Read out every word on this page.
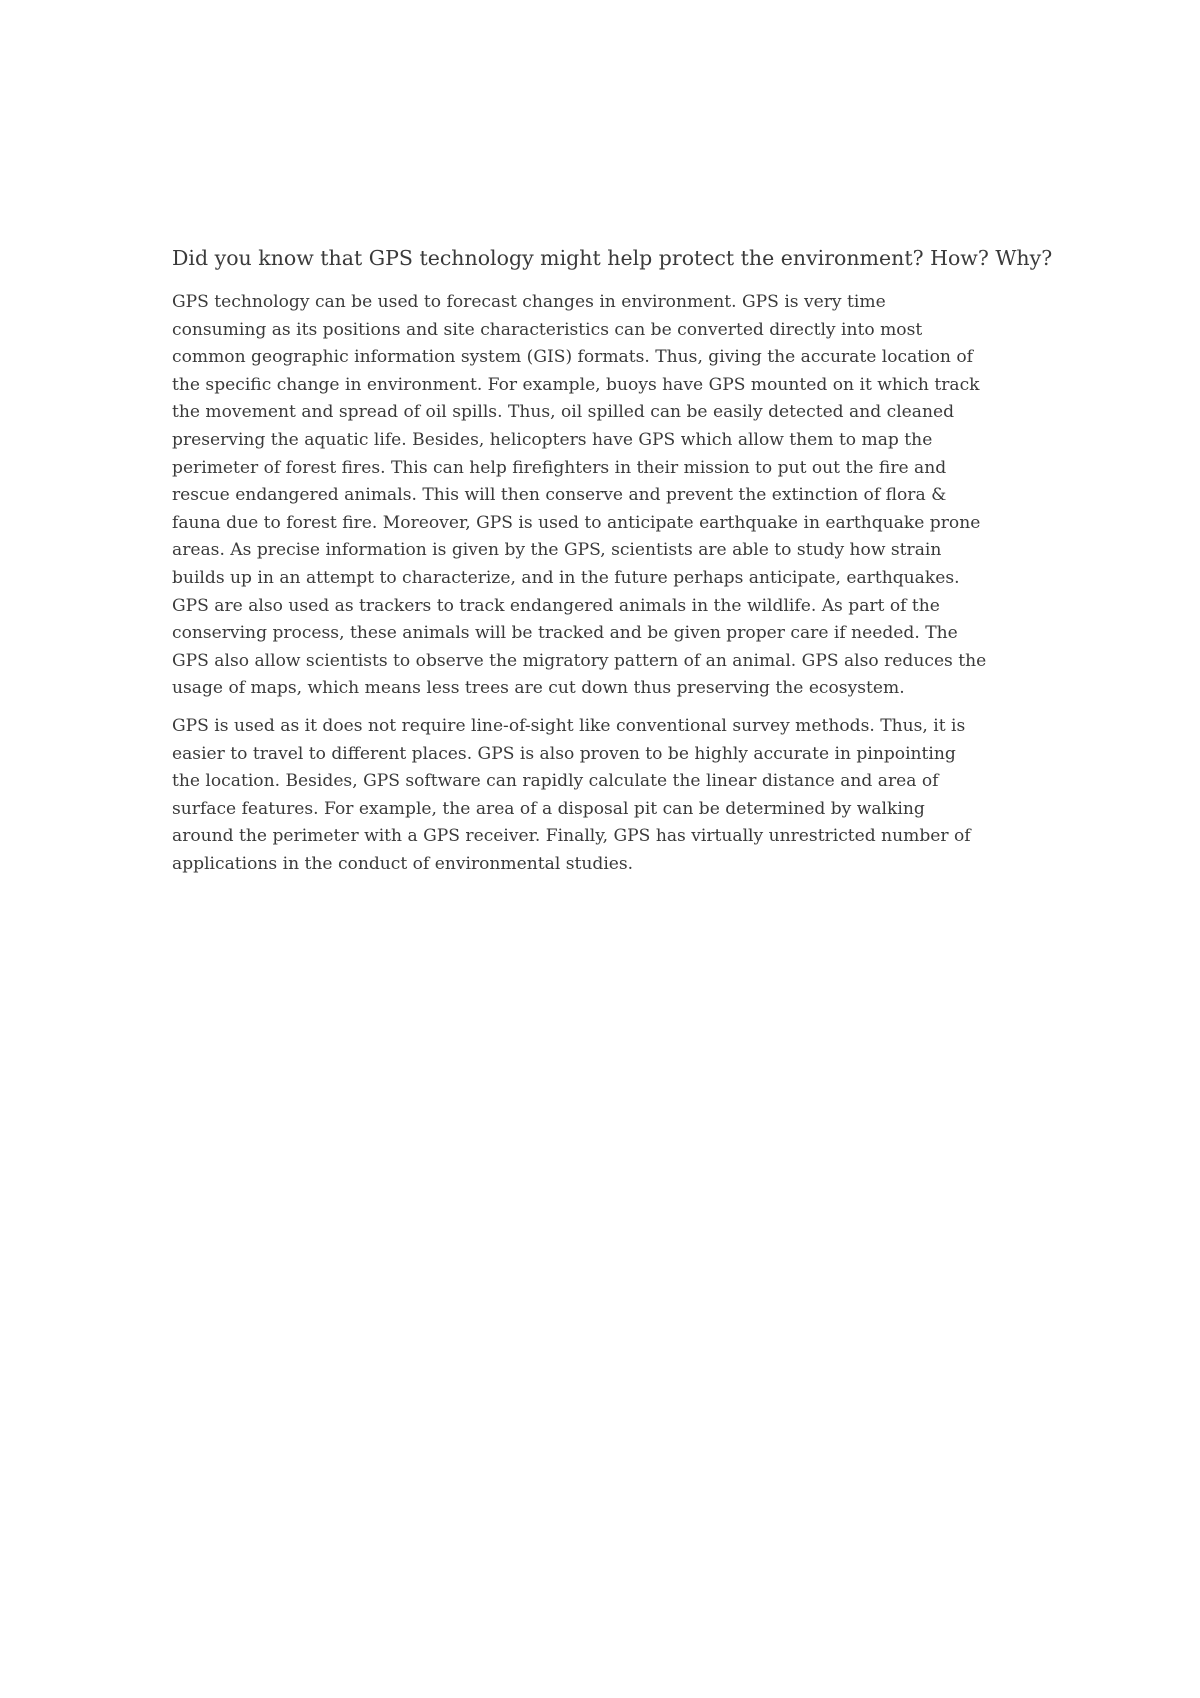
Did you know that GPS technology might help protect the environment? How? Why?

GPS technology can be used to forecast changes in environment. GPS is very time
consuming as its positions and site characteristics can be converted directly into most
common geographic information system (GIS) formats. Thus, giving the accurate location of
the specific change in environment. For example, buoys have GPS mounted on it which track
the movement and spread of oil spills. Thus, oil spilled can be easily detected and cleaned
preserving the aquatic life. Besides, helicopters have GPS which allow them to map the
perimeter of forest fires. This can help firefighters in their mission to put out the fire and
rescue endangered animals. This will then conserve and prevent the extinction of flora &
fauna due to forest fire. Moreover, GPS is used to anticipate earthquake in earthquake prone
areas. As precise information is given by the GPS, scientists are able to study how strain
builds up in an attempt to characterize, and in the future perhaps anticipate, earthquakes.
GPS are also used as trackers to track endangered animals in the wildlife. As part of the
conserving process, these animals will be tracked and be given proper care if needed. The
GPS also allow scientists to observe the migratory pattern of an animal. GPS also reduces the
usage of maps, which means less trees are cut down thus preserving the ecosystem.

GPS is used as it does not require line-of-sight like conventional survey methods. Thus, it is
easier to travel to different places. GPS is also proven to be highly accurate in pinpointing
the location. Besides, GPS software can rapidly calculate the linear distance and area of
surface features. For example, the area of a disposal pit can be determined by walking
around the perimeter with a GPS receiver. Finally, GPS has virtually unrestricted number of
applications in the conduct of environmental studies.
